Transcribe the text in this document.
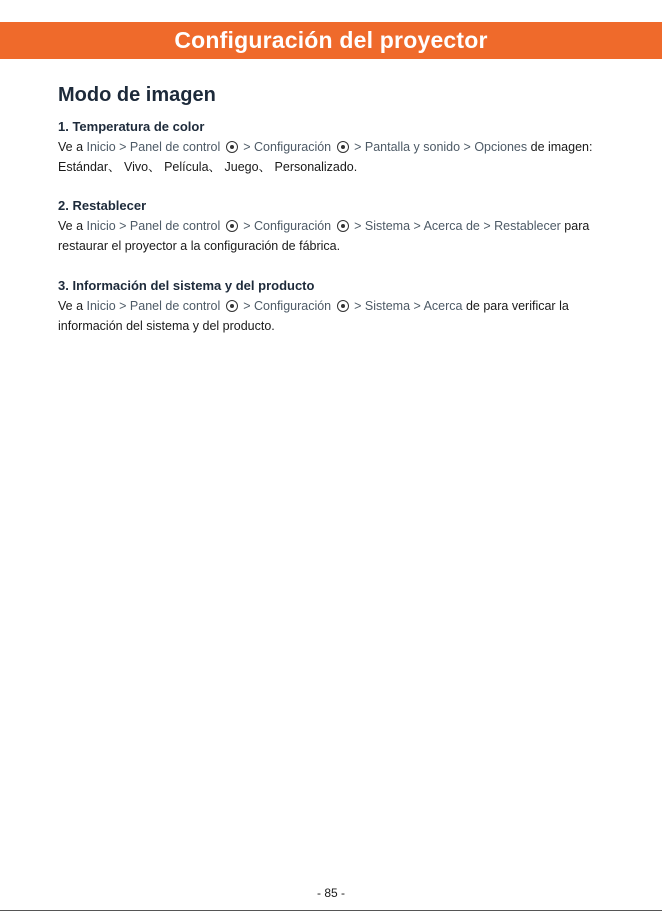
Configuración del proyector
Modo de imagen

1. Temperatura de color

Ve a Inicio > Panel de control > Configuración > Pantalla y sonido > Opciones de imagen: Estándar、 Vivo、 Película、 Juego、 Personalizado.

2. Restablecer

Ve a Inicio > Panel de control > Configuración > Sistema > Acerca de > Restablecer para restaurar el proyector a la configuración de fábrica.

3. Información del sistema y del producto

Ve a Inicio > Panel de control > Configuración > Sistema > Acerca de para verificar la información del sistema y del producto.

- 85 -
